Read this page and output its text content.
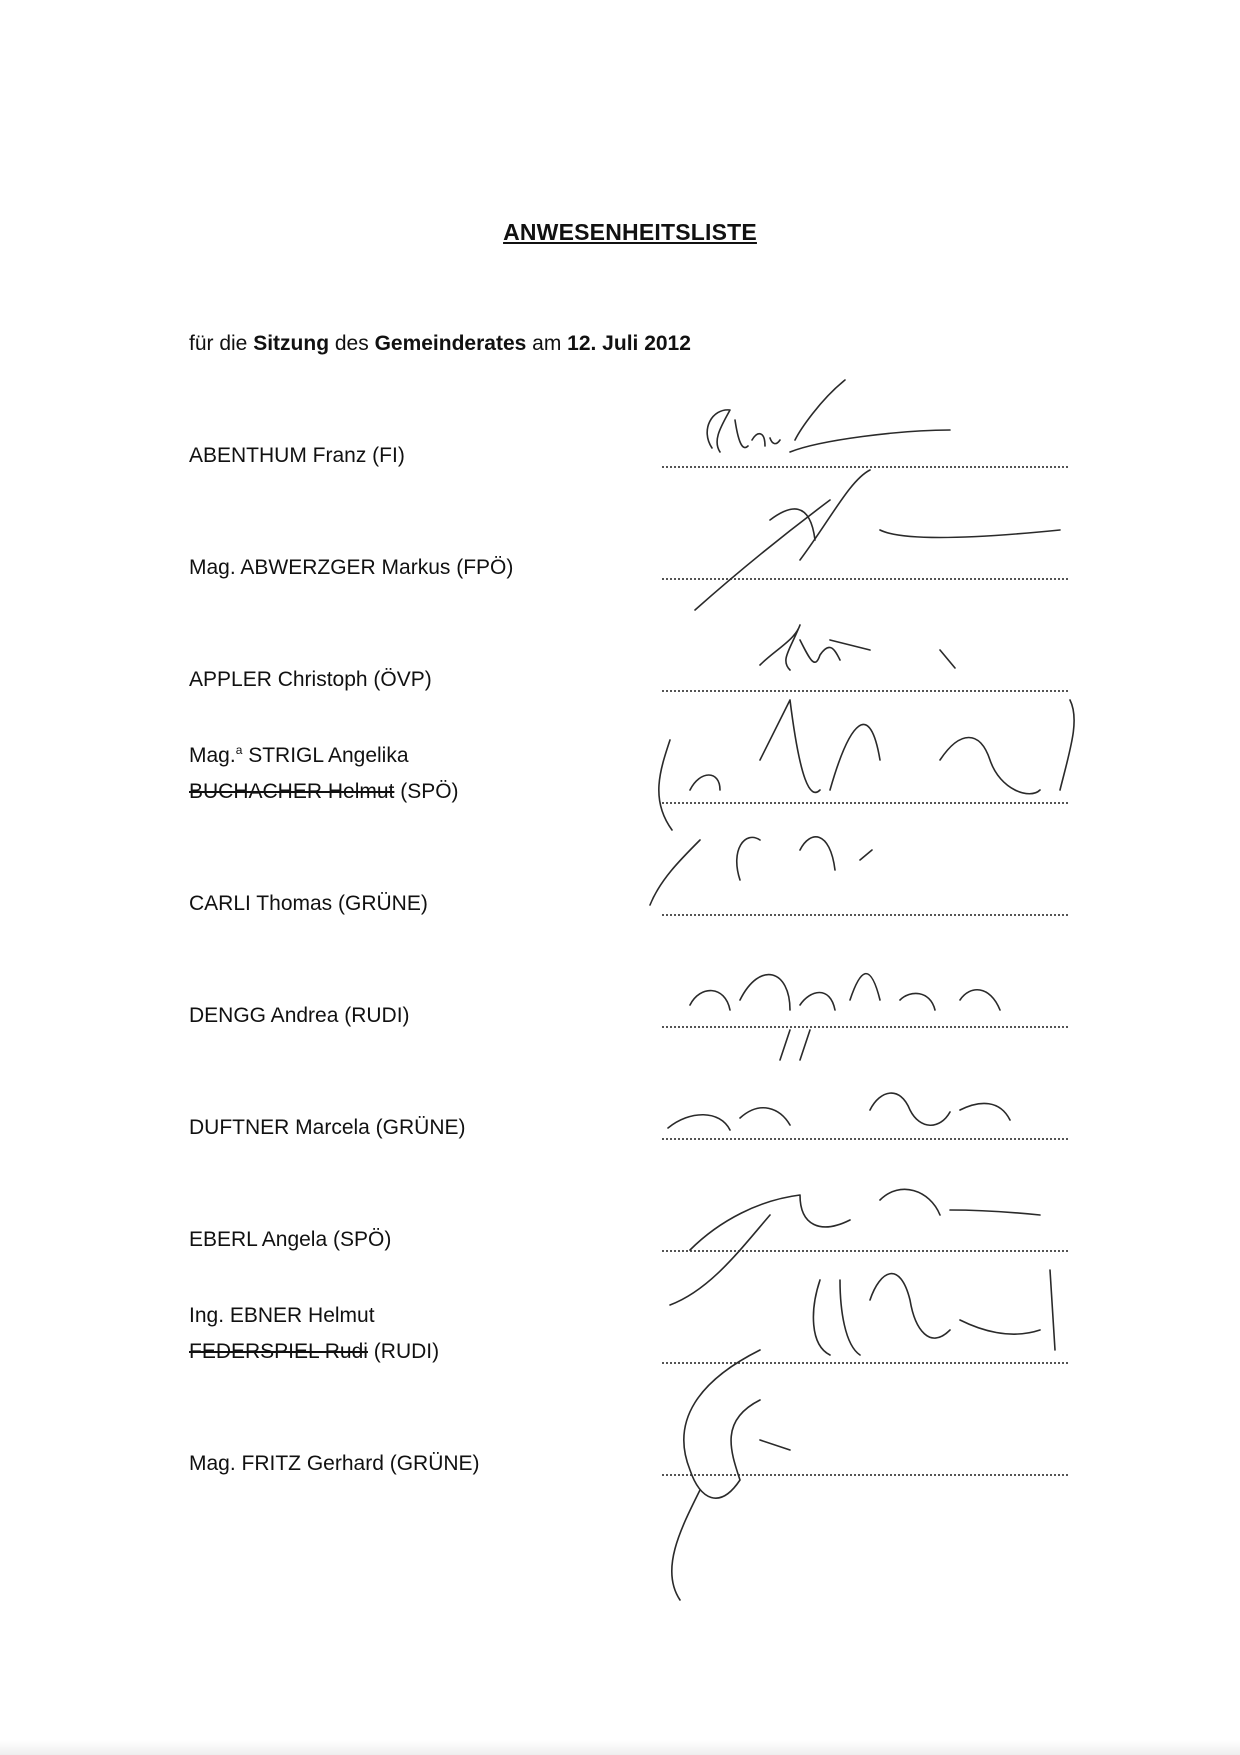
ANWESENHEITSLISTE
für die Sitzung des Gemeinderates am 12. Juli 2012
ABENTHUM Franz (FI)
Mag. ABWERZGER Markus (FPÖ)
APPLER Christoph (ÖVP)
Mag.$^a$ STRIGL Angelika
BUCHACHER Helmut (SPÖ)
CARLI Thomas (GRÜNE)
DENGG Andrea (RUDI)
DUFTNER Marcela (GRÜNE)
EBERL Angela (SPÖ)
Ing. EBNER Helmut
FEDERSPIEL Rudi (RUDI)
Mag. FRITZ Gerhard (GRÜNE)
